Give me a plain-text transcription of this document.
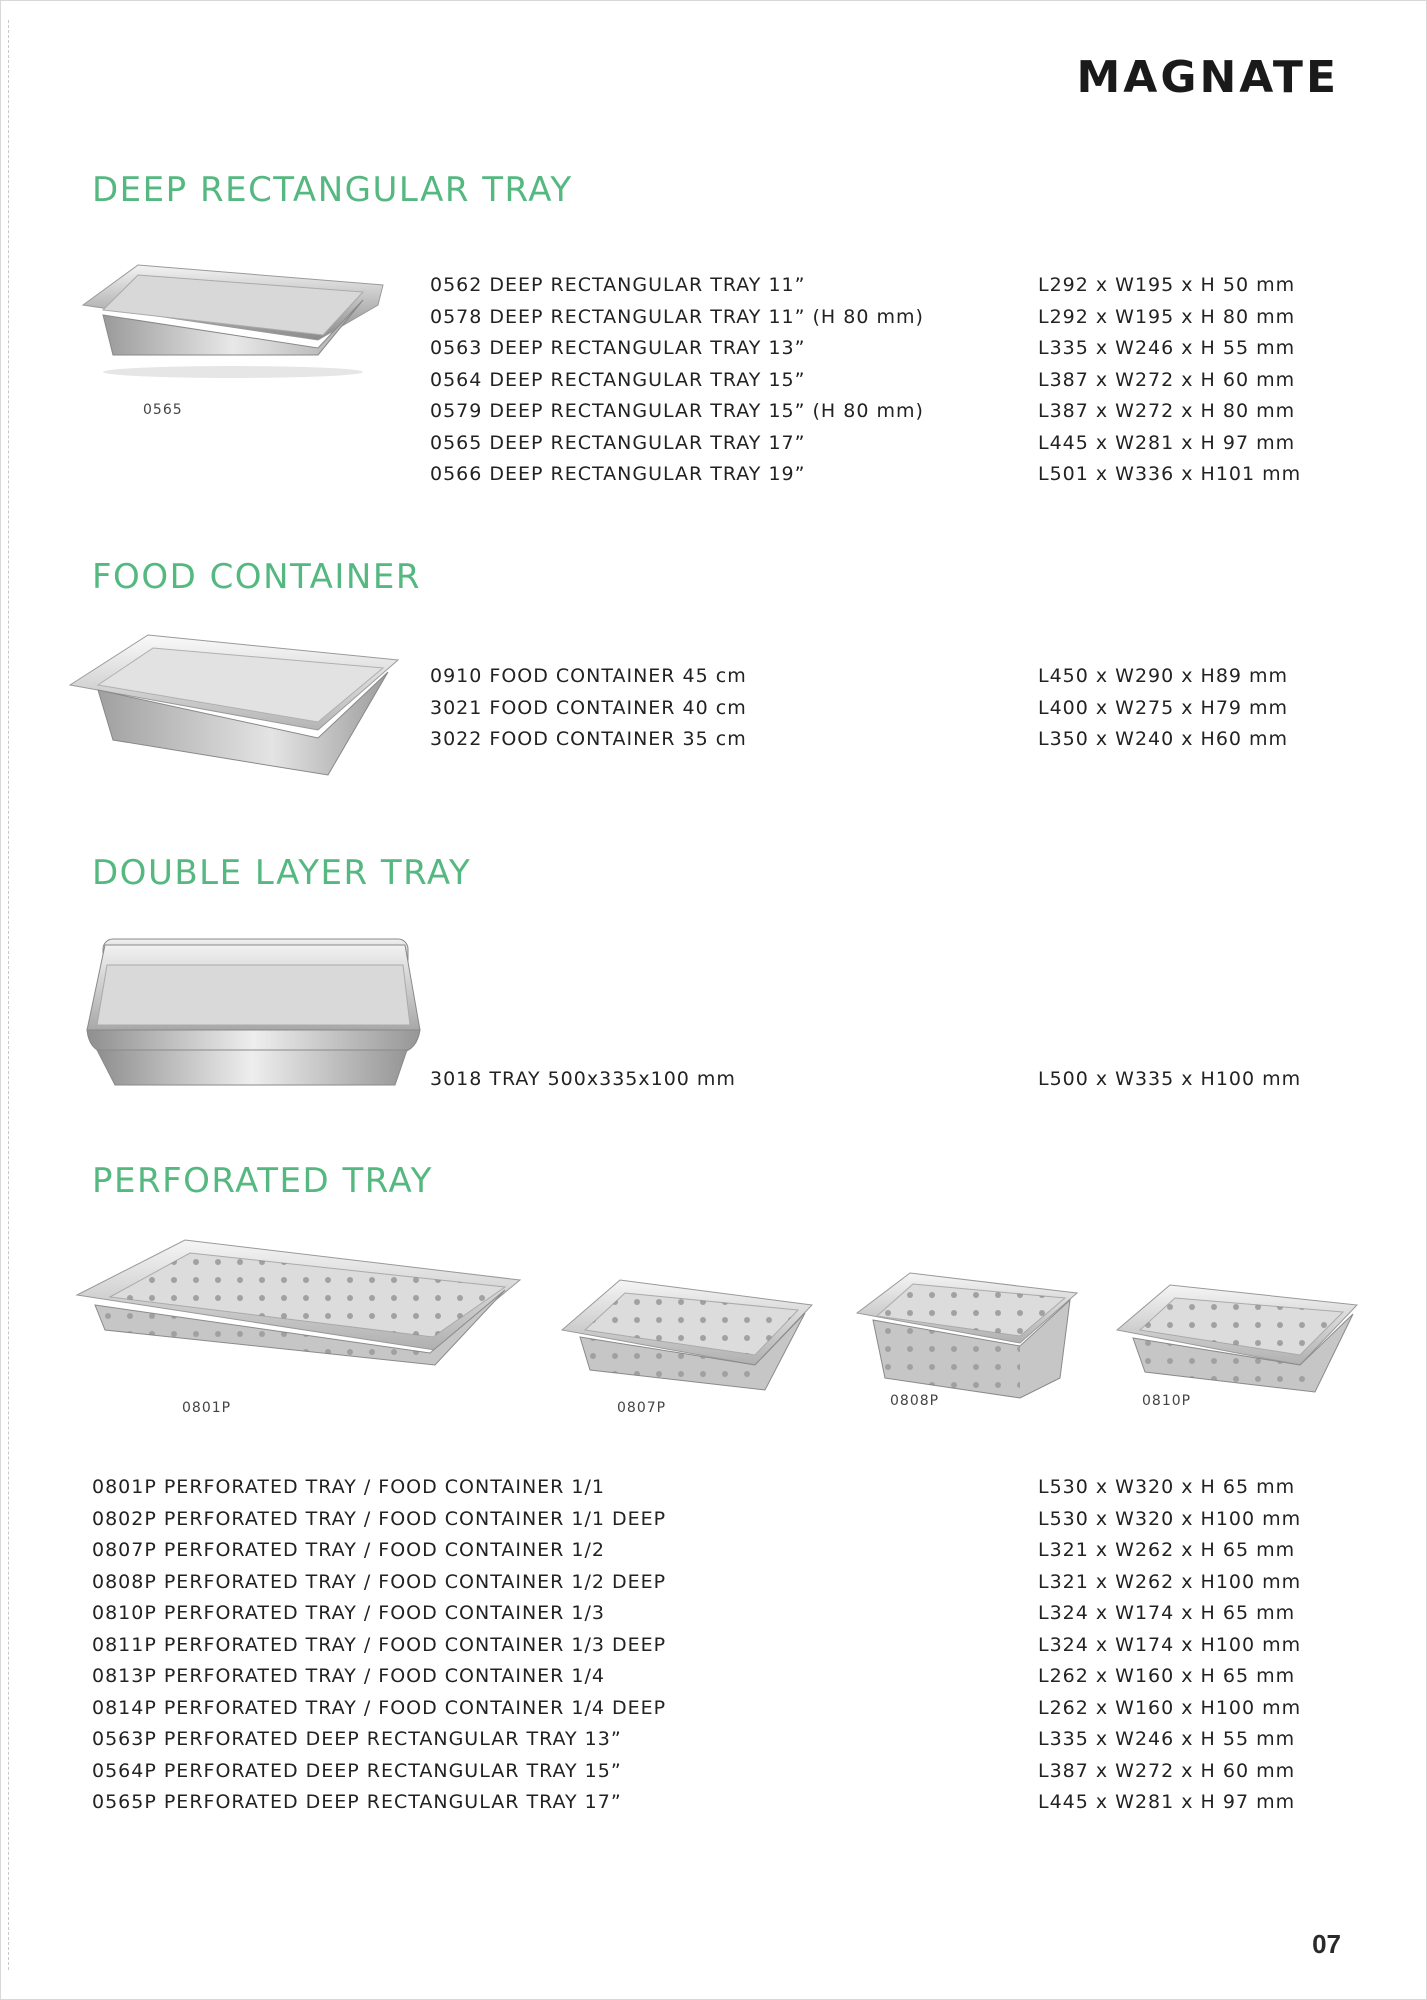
MAGNATE
DEEP RECTANGULAR TRAY
0565
0562 DEEP RECTANGULAR TRAY 11”	L292 x W195 x H 50 mm
0578 DEEP RECTANGULAR TRAY 11” (H 80 mm)	L292 x W195 x H 80 mm
0563 DEEP RECTANGULAR TRAY 13”	L335 x W246 x H 55 mm
0564 DEEP RECTANGULAR TRAY 15”	L387 x W272 x H 60 mm
0579 DEEP RECTANGULAR TRAY 15” (H 80 mm)	L387 x W272 x H 80 mm
0565 DEEP RECTANGULAR TRAY 17”	L445 x W281 x H 97 mm
0566 DEEP RECTANGULAR TRAY 19”	L501 x W336 x H101 mm
FOOD CONTAINER
0910 FOOD CONTAINER 45 cm	L450 x W290 x H89 mm
3021 FOOD CONTAINER 40 cm	L400 x W275 x H79 mm
3022 FOOD CONTAINER 35 cm	L350 x W240 x H60 mm
DOUBLE LAYER TRAY
3018 TRAY 500x335x100 mm	L500 x W335 x H100 mm
PERFORATED TRAY
0801P	0807P	0808P	0810P
0801P PERFORATED TRAY / FOOD CONTAINER 1/1	L530 x W320 x H 65 mm
0802P PERFORATED TRAY / FOOD CONTAINER 1/1 DEEP	L530 x W320 x H100 mm
0807P PERFORATED TRAY / FOOD CONTAINER 1/2	L321 x W262 x H 65 mm
0808P PERFORATED TRAY / FOOD CONTAINER 1/2 DEEP	L321 x W262 x H100 mm
0810P PERFORATED TRAY / FOOD CONTAINER 1/3	L324 x W174 x H 65 mm
0811P PERFORATED TRAY / FOOD CONTAINER 1/3 DEEP	L324 x W174 x H100 mm
0813P PERFORATED TRAY / FOOD CONTAINER 1/4	L262 x W160 x H 65 mm
0814P PERFORATED TRAY / FOOD CONTAINER 1/4 DEEP	L262 x W160 x H100 mm
0563P PERFORATED DEEP RECTANGULAR TRAY 13”	L335 x W246 x H 55 mm
0564P PERFORATED DEEP RECTANGULAR TRAY 15”	L387 x W272 x H 60 mm
0565P PERFORATED DEEP RECTANGULAR TRAY 17”	L445 x W281 x H 97 mm
07
